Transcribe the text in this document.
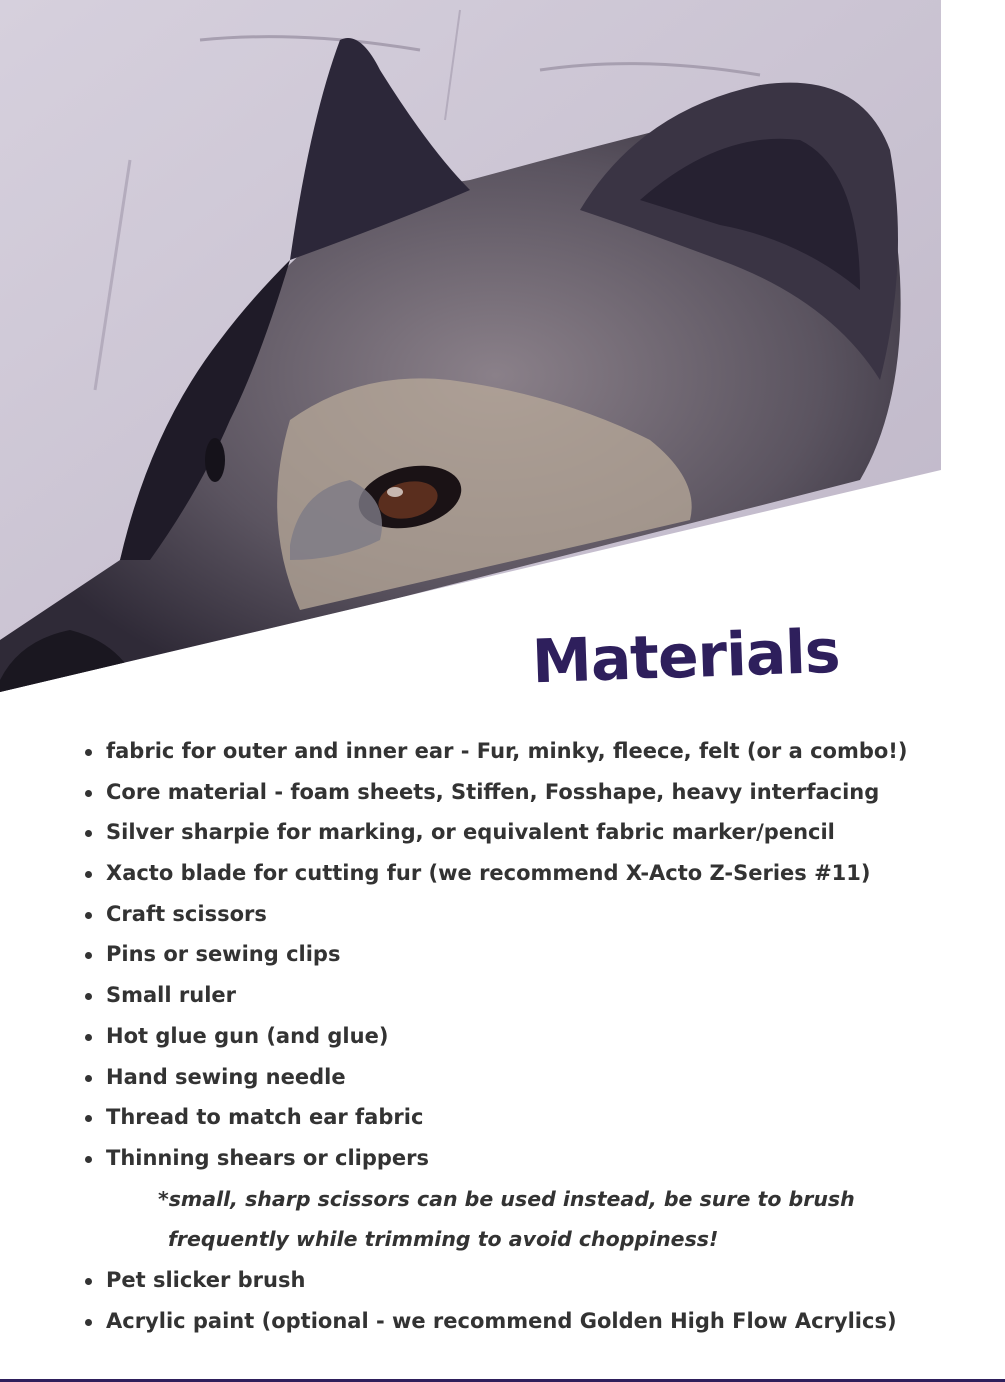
Materials
fabric for outer and inner ear - Fur, minky, fleece, felt (or a combo!)
Core material - foam sheets, Stiffen, Fosshape, heavy interfacing
Silver sharpie for marking, or equivalent fabric marker/pencil
Xacto blade for cutting fur (we recommend X-Acto Z-Series #11)
Craft scissors
Pins or sewing clips
Small ruler
Hot glue gun (and glue)
Hand sewing needle
Thread to match ear fabric
Thinning shears or clippers
*small, sharp scissors can be used instead, be sure to brush
frequently while trimming to avoid choppiness!
Pet slicker brush
Acrylic paint (optional - we recommend Golden High Flow Acrylics)
